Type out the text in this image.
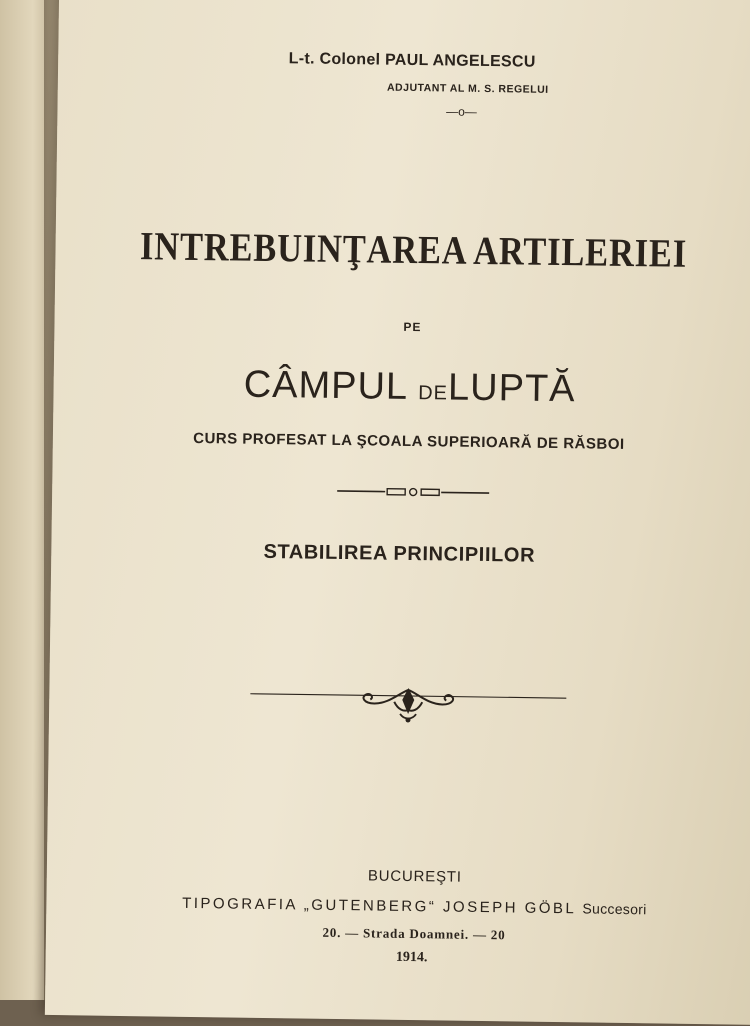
L-t. Colonel PAUL ANGELESCU
ADJUTANT AL M. S. REGELUI
—o—
INTREBUINŢAREA ARTILERIEI
PE
CÂMPUL DELUPTĂ
CURS PROFESAT LA ŞCOALA SUPERIOARĂ DE RĂSBOI
STABILIREA PRINCIPIILOR
BUCUREŞTI
TIPOGRAFIA „GUTENBERG“ JOSEPH GÖBL Succesori
20. — Strada Doamnei. — 20
1914.
